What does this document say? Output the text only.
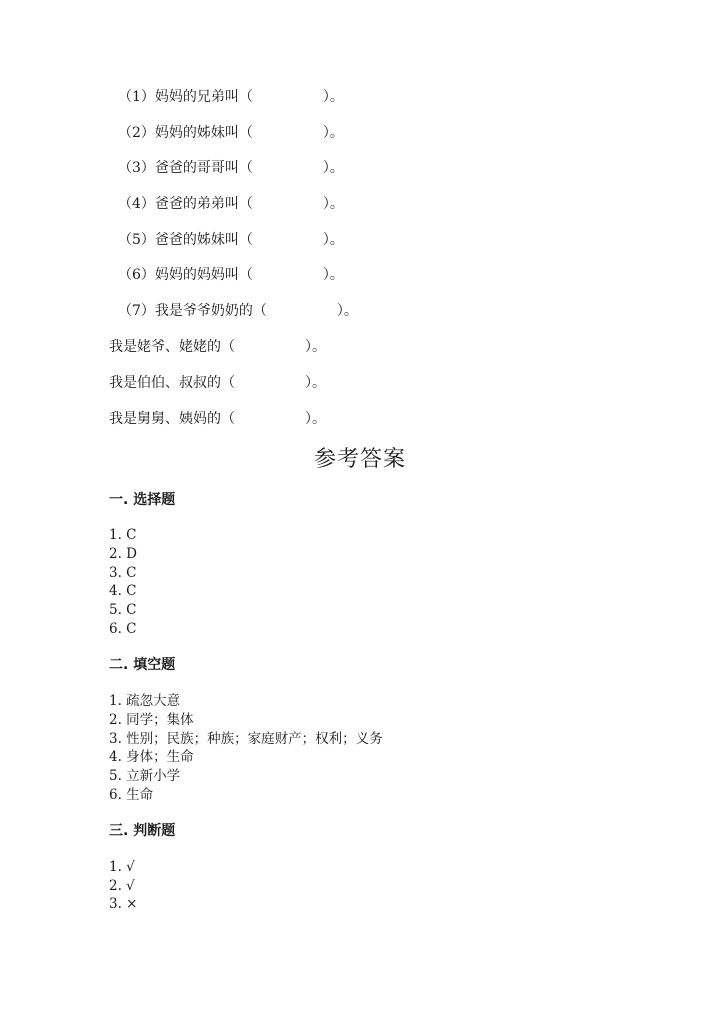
（1）妈妈的兄弟叫（　　　　　）。
（2）妈妈的姊妹叫（　　　　　）。
（3）爸爸的哥哥叫（　　　　　）。
（4）爸爸的弟弟叫（　　　　　）。
（5）爸爸的姊妹叫（　　　　　）。
（6）妈妈的妈妈叫（　　　　　）。
（7）我是爷爷奶奶的（　　　　　）。
我是姥爷、姥姥的（　　　　　）。
我是伯伯、叔叔的（　　　　　）。
我是舅舅、姨妈的（　　　　　）。
参考答案
一. 选择题
1. C
2. D
3. C
4. C
5. C
6. C
二. 填空题
1. 疏忽大意
2. 同学；集体
3. 性别；民族；种族；家庭财产；权利；义务
4. 身体；生命
5. 立新小学
6. 生命
三. 判断题
1. √
2. √
3. ×
